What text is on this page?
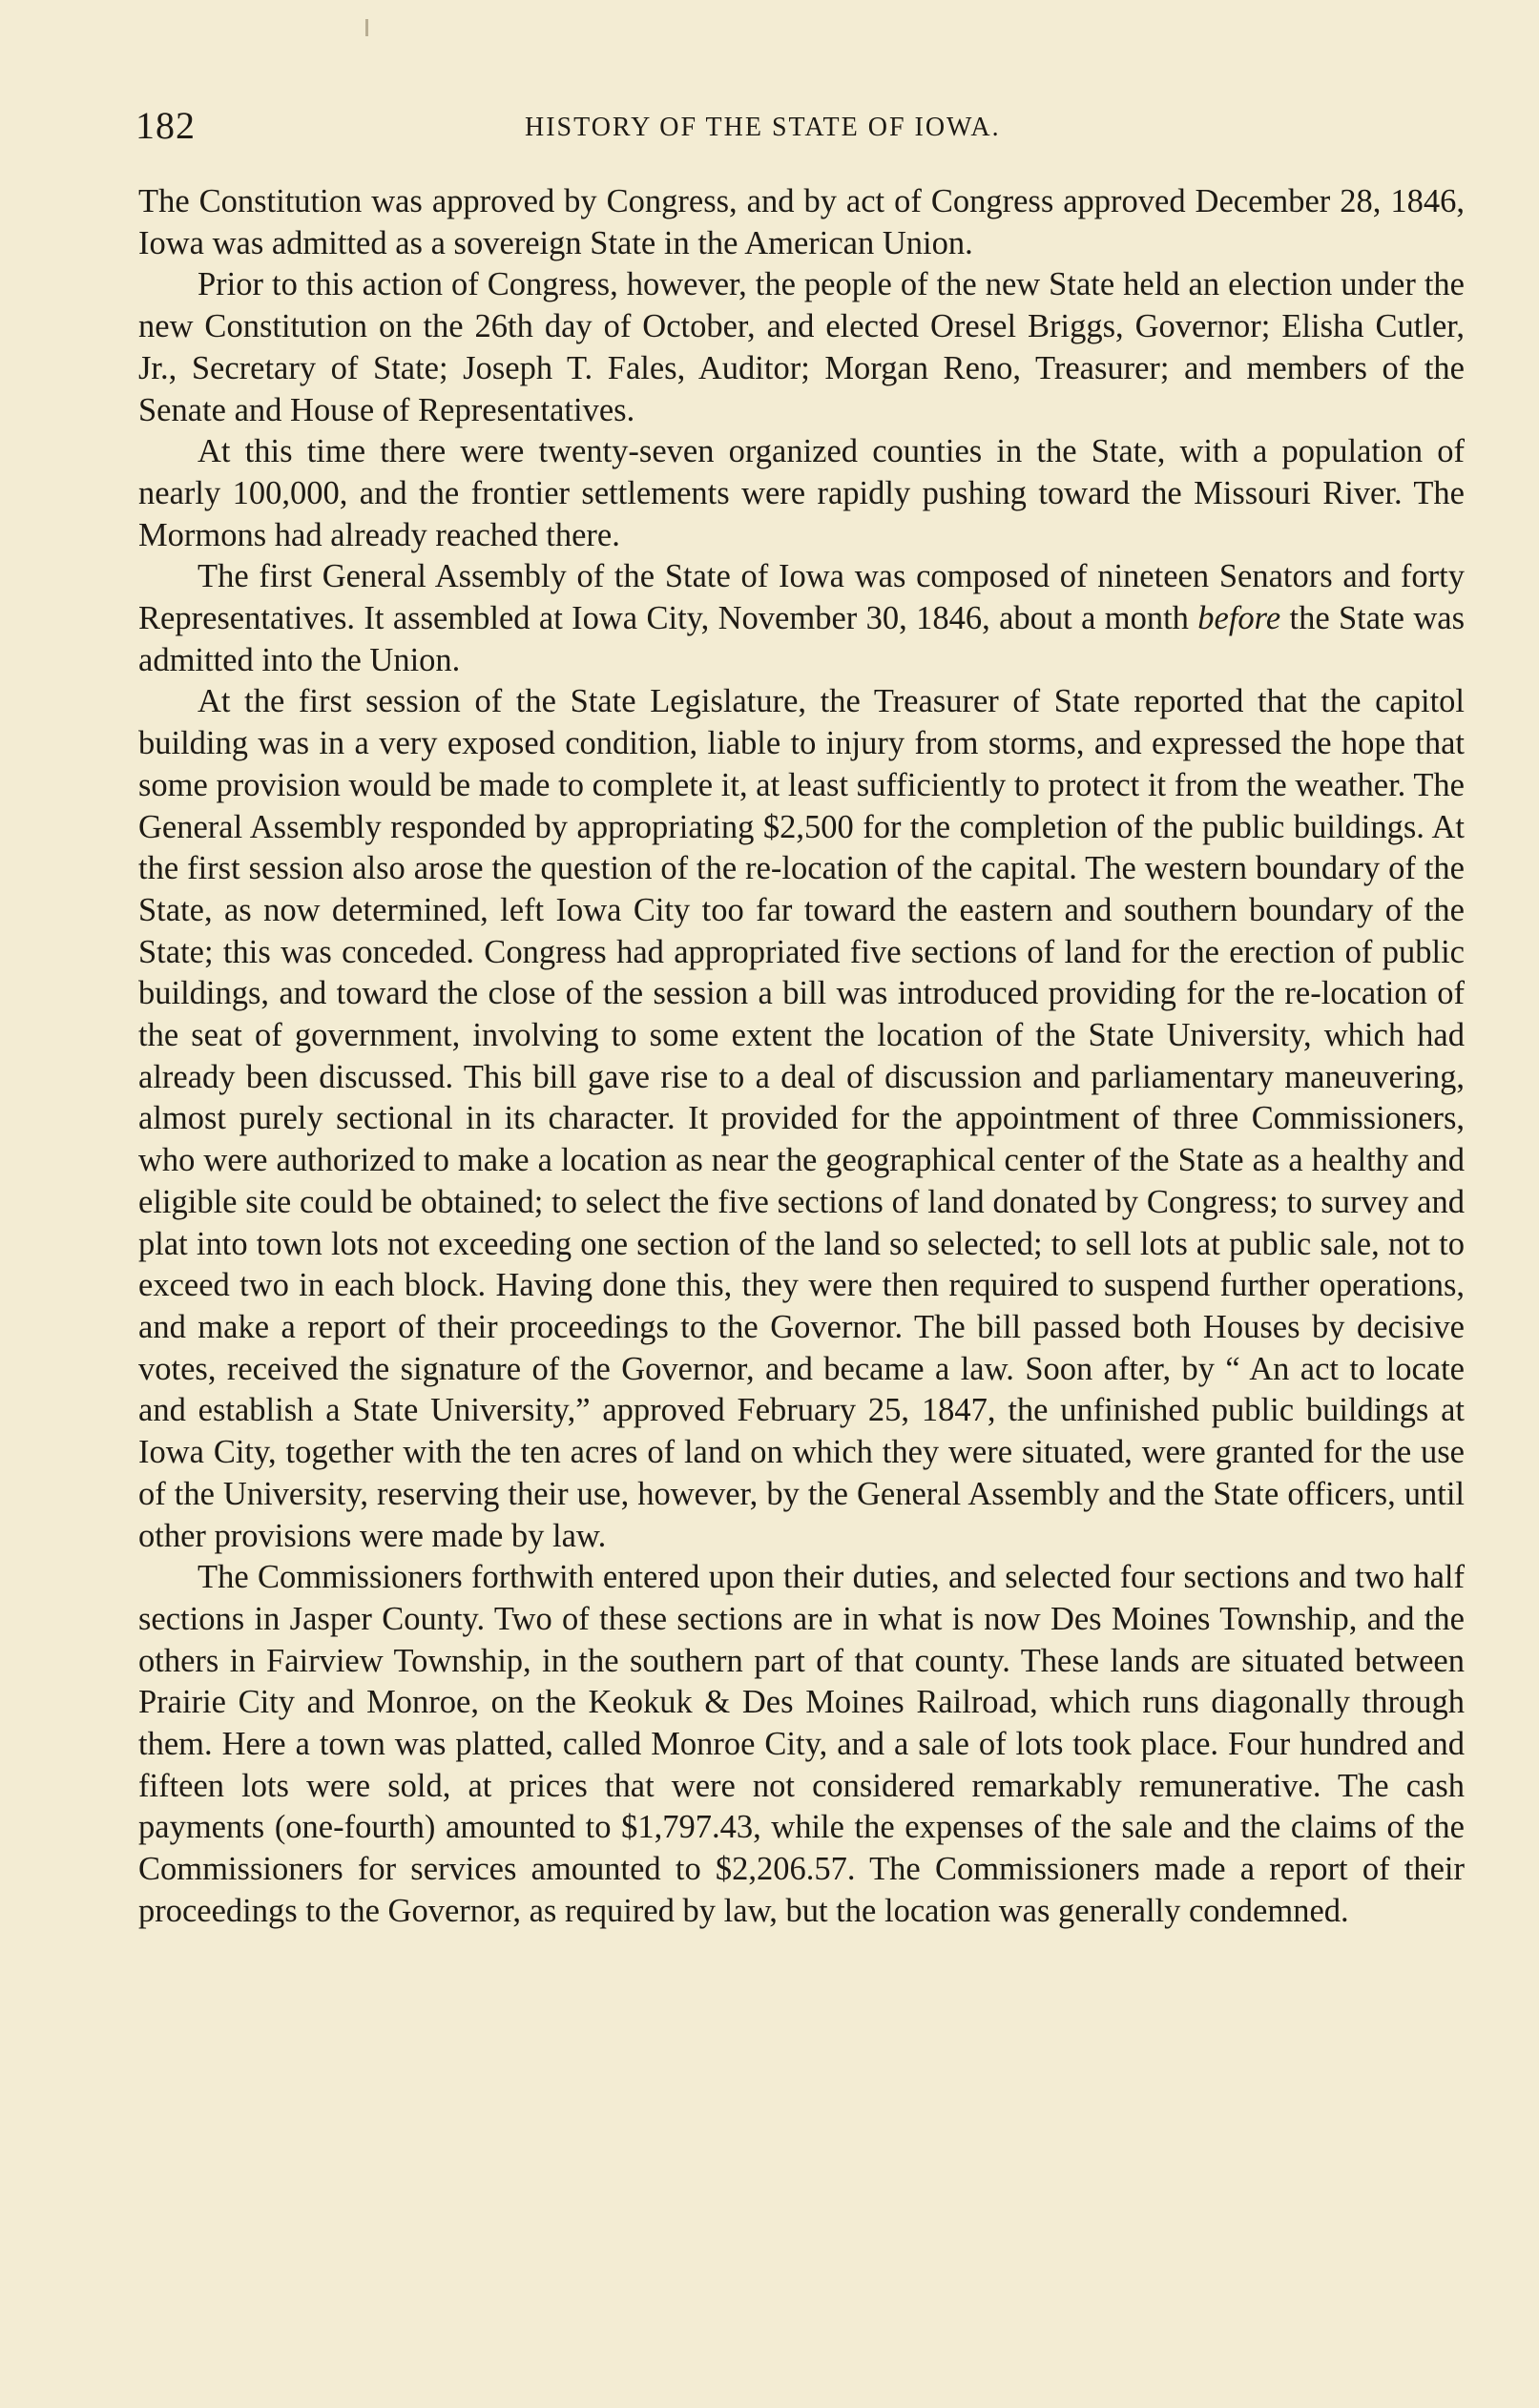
182	HISTORY OF THE STATE OF IOWA.

The Constitution was approved by Congress, and by act of Congress approved December 28, 1846, Iowa was admitted as a sovereign State in the American Union.

Prior to this action of Congress, however, the people of the new State held an election under the new Constitution on the 26th day of October, and elected Oresel Briggs, Governor; Elisha Cutler, Jr., Secretary of State; Joseph T. Fales, Auditor; Morgan Reno, Treasurer; and members of the Senate and House of Representatives.

At this time there were twenty-seven organized counties in the State, with a population of nearly 100,000, and the frontier settlements were rapidly pushing toward the Missouri River. The Mormons had already reached there.

The first General Assembly of the State of Iowa was composed of nineteen Senators and forty Representatives. It assembled at Iowa City, November 30, 1846, about a month before the State was admitted into the Union.

At the first session of the State Legislature, the Treasurer of State reported that the capitol building was in a very exposed condition, liable to injury from storms, and expressed the hope that some provision would be made to complete it, at least sufficiently to protect it from the weather. The General Assembly responded by appropriating $2,500 for the completion of the public buildings. At the first session also arose the question of the re-location of the capital. The western boundary of the State, as now determined, left Iowa City too far toward the eastern and southern boundary of the State; this was conceded. Congress had appropriated five sections of land for the erection of public buildings, and toward the close of the session a bill was introduced providing for the re-location of the seat of government, involving to some extent the location of the State University, which had already been discussed. This bill gave rise to a deal of discussion and parliamentary maneuvering, almost purely sectional in its character. It provided for the appointment of three Commissioners, who were authorized to make a location as near the geographical center of the State as a healthy and eligible site could be obtained; to select the five sections of land donated by Congress; to survey and plat into town lots not exceeding one section of the land so selected; to sell lots at public sale, not to exceed two in each block. Having done this, they were then required to suspend further operations, and make a report of their proceedings to the Governor. The bill passed both Houses by decisive votes, received the signature of the Governor, and became a law. Soon after, by “ An act to locate and establish a State University,” approved February 25, 1847, the unfinished public buildings at Iowa City, together with the ten acres of land on which they were situated, were granted for the use of the University, reserving their use, however, by the General Assembly and the State officers, until other provisions were made by law.

The Commissioners forthwith entered upon their duties, and selected four sections and two half sections in Jasper County. Two of these sections are in what is now Des Moines Township, and the others in Fairview Township, in the southern part of that county. These lands are situated between Prairie City and Monroe, on the Keokuk & Des Moines Railroad, which runs diagonally through them. Here a town was platted, called Monroe City, and a sale of lots took place. Four hundred and fifteen lots were sold, at prices that were not considered remarkably remunerative. The cash payments (one-fourth) amounted to $1,797.43, while the expenses of the sale and the claims of the Commissioners for services amounted to $2,206.57. The Commissioners made a report of their proceedings to the Governor, as required by law, but the location was generally condemned.
